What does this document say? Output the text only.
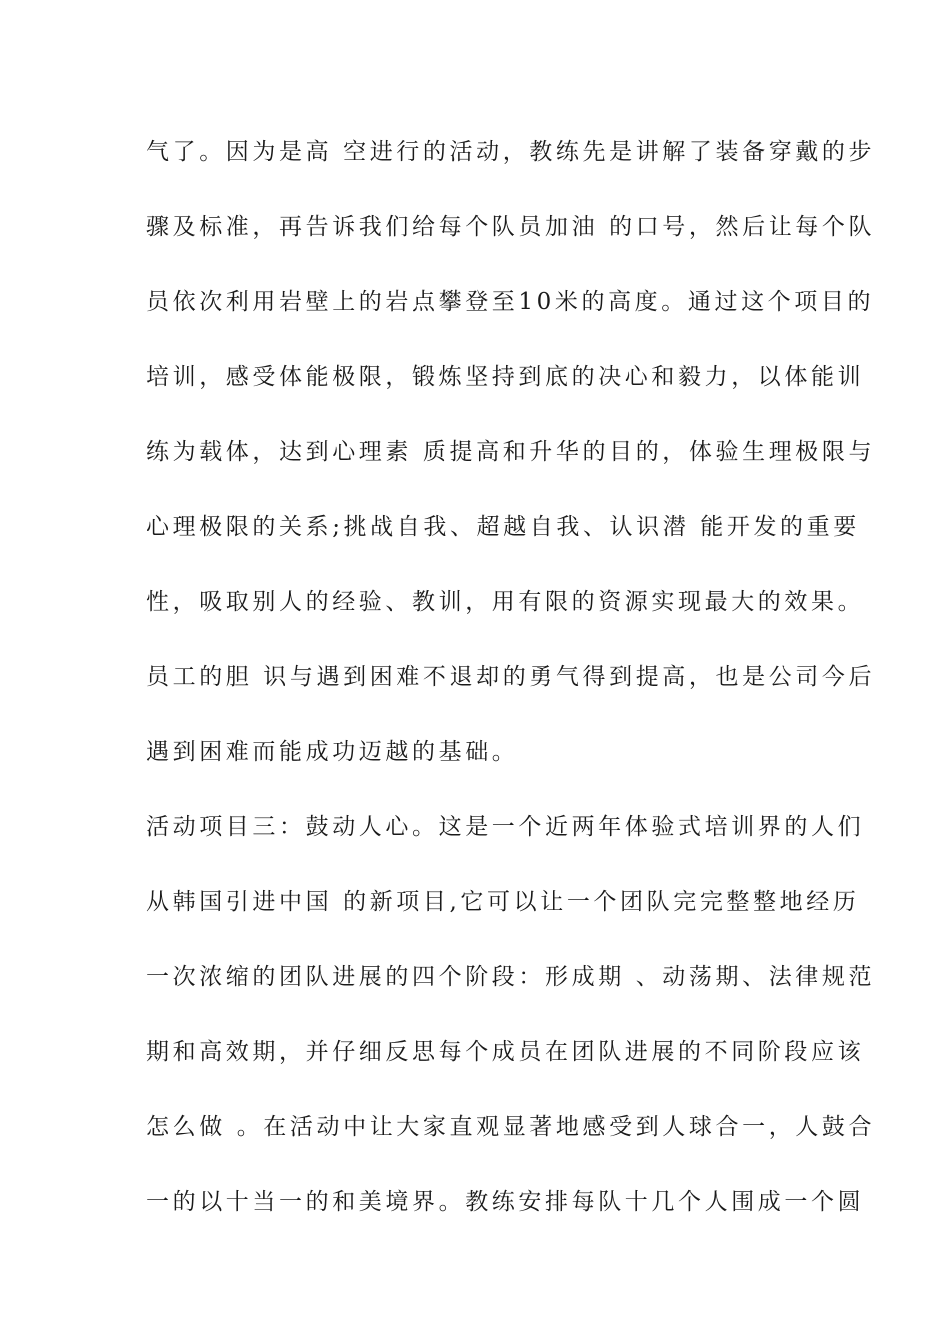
气了。因为是高 空进行的活动，教练先是讲解了装备穿戴的步
骤及标准，再告诉我们给每个队员加油 的口号，然后让每个队
员依次利用岩壁上的岩点攀登至10米的高度。通过这个项目的
培训，感受体能极限，锻炼坚持到底的决心和毅力，以体能训
练为载体，达到心理素 质提高和升华的目的，体验生理极限与
心理极限的关系;挑战自我、超越自我、认识潜 能开发的重要
性，吸取别人的经验、教训，用有限的资源实现最大的效果。
员工的胆 识与遇到困难不退却的勇气得到提高，也是公司今后
遇到困难而能成功迈越的基础。
活动项目三：鼓动人心。这是一个近两年体验式培训界的人们
从韩国引进中国 的新项目,它可以让一个团队完完整整地经历
一次浓缩的团队进展的四个阶段：形成期 、动荡期、法律规范
期和高效期，并仔细反思每个成员在团队进展的不同阶段应该
怎么做 。在活动中让大家直观显著地感受到人球合一，人鼓合
一的以十当一的和美境界。教练安排每队十几个人围成一个圆
